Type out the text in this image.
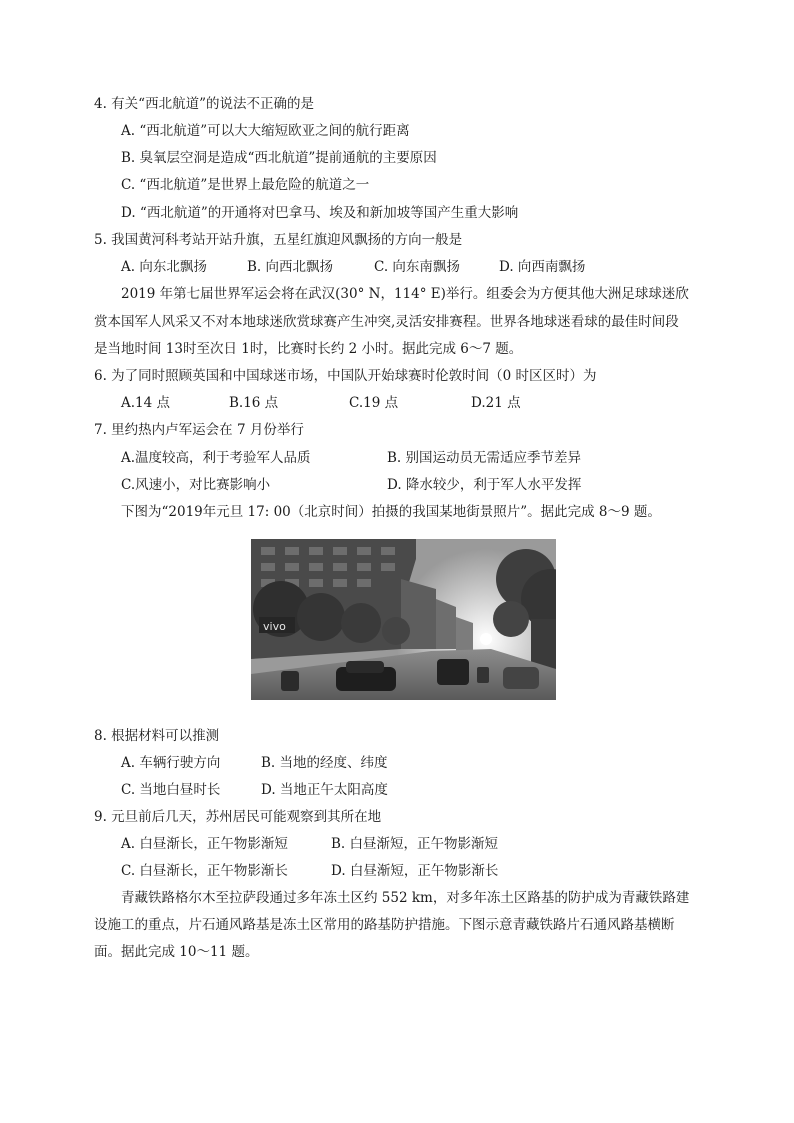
4. 有关“西北航道”的说法不正确的是
A. “西北航道”可以大大缩短欧亚之间的航行距离
B. 臭氧层空洞是造成“西北航道”提前通航的主要原因
C. “西北航道”是世界上最危险的航道之一
D. “西北航道”的开通将对巴拿马、埃及和新加坡等国产生重大影响
5. 我国黄河科考站开站升旗，五星红旗迎风飘扬的方向一般是
A. 向东北飘扬	B. 向西北飘扬	C. 向东南飘扬	D. 向西南飘扬
2019 年第七届世界军运会将在武汉(30° N，114° E)举行。组委会为方便其他大洲足球球迷欣
赏本国军人风采又不对本地球迷欣赏球赛产生冲突,灵活安排赛程。世界各地球迷看球的最佳时间段
是当地时间 13时至次日 1时，比赛时长约 2 小时。据此完成 6～7 题。
6. 为了同时照顾英国和中国球迷市场，中国队开始球赛时伦敦时间（0 时区区时）为
A.14 点	B.16 点	C.19 点	D.21 点
7. 里约热内卢军运会在 7 月份举行
A.温度较高，利于考验军人品质	B. 别国运动员无需适应季节差异
C.风速小，对比赛影响小	D. 降水较少，利于军人水平发挥
下图为“2019年元旦 17: 00（北京时间）拍摄的我国某地街景照片”。据此完成 8～9 题。
vivo
8. 根据材料可以推测
A. 车辆行驶方向	B. 当地的经度、纬度
C. 当地白昼时长	D. 当地正午太阳高度
9. 元旦前后几天，苏州居民可能观察到其所在地
A. 白昼渐长，正午物影渐短	B. 白昼渐短，正午物影渐短
C. 白昼渐长，正午物影渐长	D. 白昼渐短，正午物影渐长
青藏铁路格尔木至拉萨段通过多年冻土区约 552 km，对多年冻土区路基的防护成为青藏铁路建
设施工的重点，片石通风路基是冻土区常用的路基防护措施。下图示意青藏铁路片石通风路基横断
面。据此完成 10～11 题。
